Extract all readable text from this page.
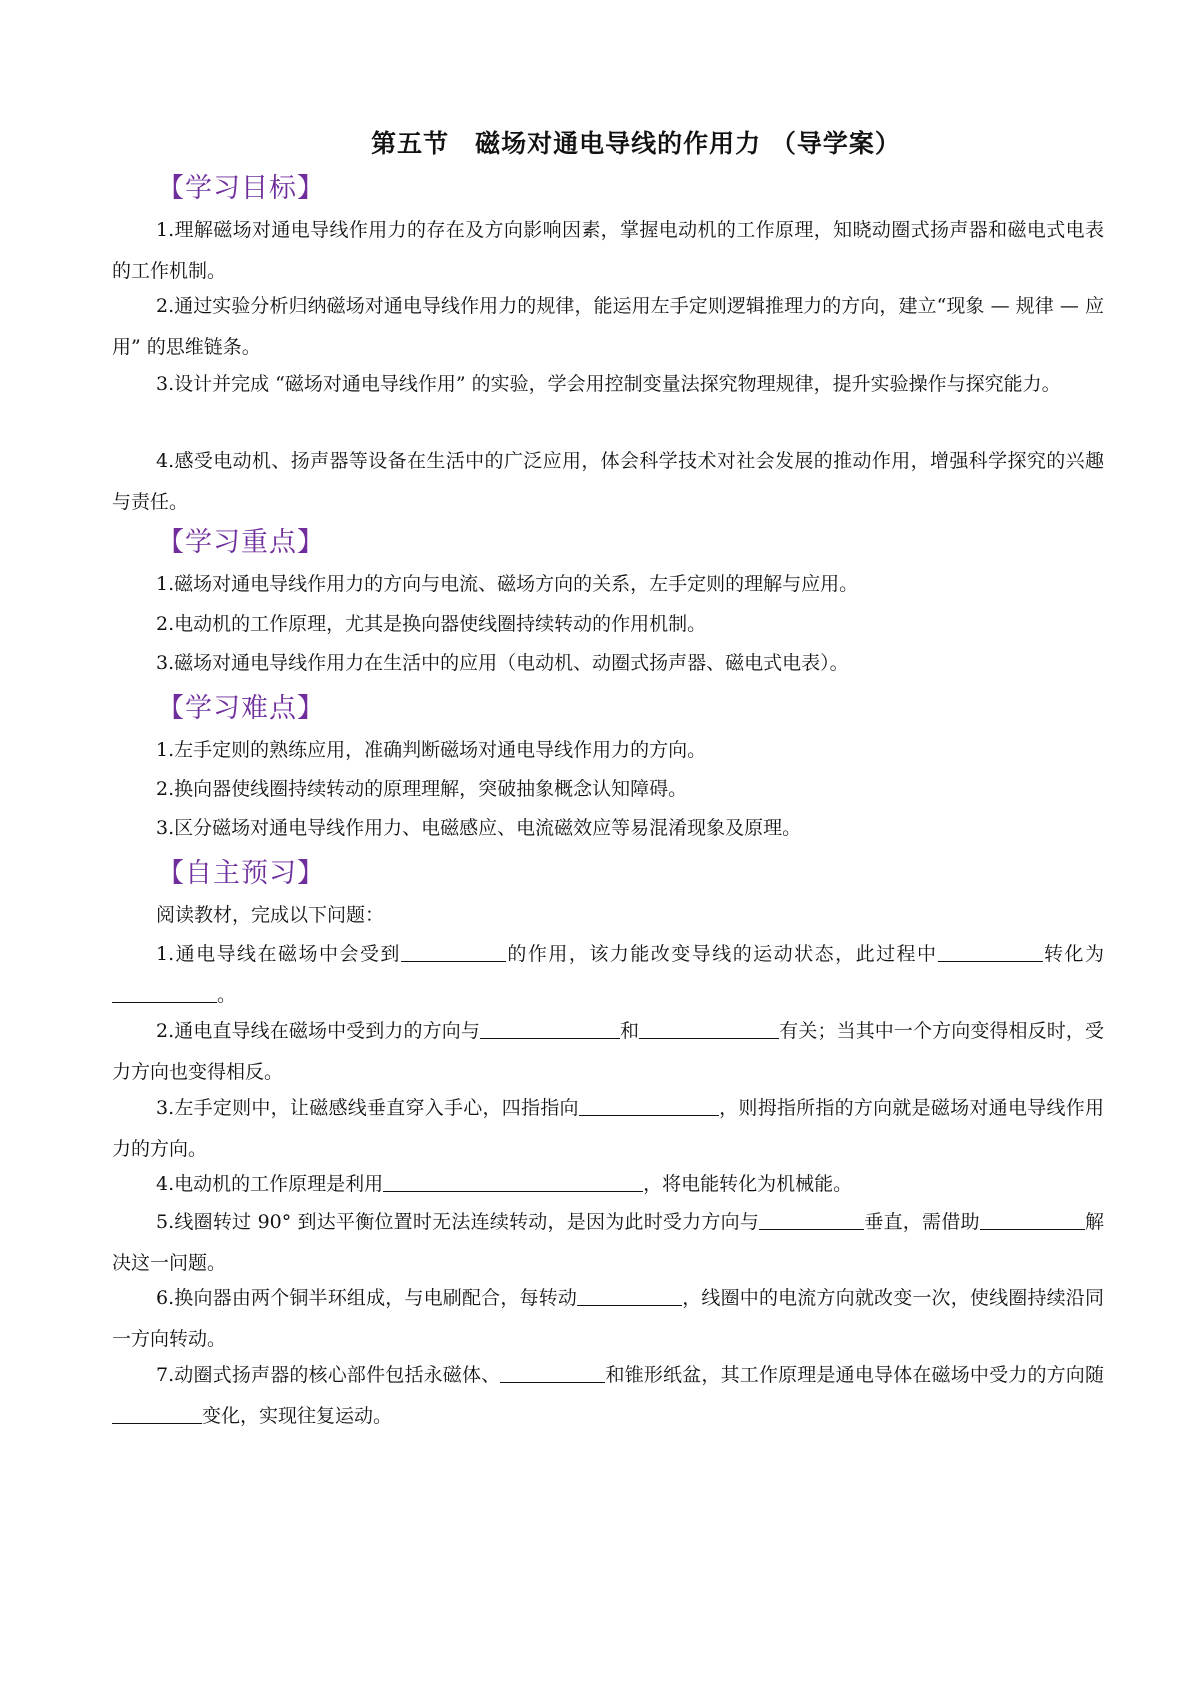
第五节　磁场对通电导线的作用力 （导学案）
【学习目标】

1.理解磁场对通电导线作用力的存在及方向影响因素，掌握电动机的工作原理，知晓动圈式扬声器和磁电式电表的工作机制。

2.通过实验分析归纳磁场对通电导线作用力的规律，能运用左手定则逻辑推理力的方向，建立“现象 — 规律 — 应用” 的思维链条。

3.设计并完成 “磁场对通电导线作用” 的实验，学会用控制变量法探究物理规律，提升实验操作与探究能力。

4.感受电动机、扬声器等设备在生活中的广泛应用，体会科学技术对社会发展的推动作用，增强科学探究的兴趣与责任。

【学习重点】

1.磁场对通电导线作用力的方向与电流、磁场方向的关系，左手定则的理解与应用。

2.电动机的工作原理，尤其是换向器使线圈持续转动的作用机制。

3.磁场对通电导线作用力在生活中的应用（电动机、动圈式扬声器、磁电式电表）。

【学习难点】

1.左手定则的熟练应用，准确判断磁场对通电导线作用力的方向。

2.换向器使线圈持续转动的原理理解，突破抽象概念认知障碍。

3.区分磁场对通电导线作用力、电磁感应、电流磁效应等易混淆现象及原理。

【自主预习】

阅读教材，完成以下问题：

1.通电导线在磁场中会受到	的作用，该力能改变导线的运动状态，此过程中	转化为。

2.通电直导线在磁场中受到力的方向与	和	有关；当其中一个方向变得相反时，受力方向也变得相反。

3.左手定则中，让磁感线垂直穿入手心，四指指向	，则拇指所指的方向就是磁场对通电导线作用力的方向。

4.电动机的工作原理是利用	，将电能转化为机械能。

5.线圈转过 90° 到达平衡位置时无法连续转动，是因为此时受力方向与	垂直，需借助	解决这一问题。

6.换向器由两个铜半环组成，与电刷配合，每转动	，线圈中的电流方向就改变一次，使线圈持续沿同一方向转动。

7.动圈式扬声器的核心部件包括永磁体、	和锥形纸盆，其工作原理是通电导体在磁场中受力的方向随变化，实现往复运动。
